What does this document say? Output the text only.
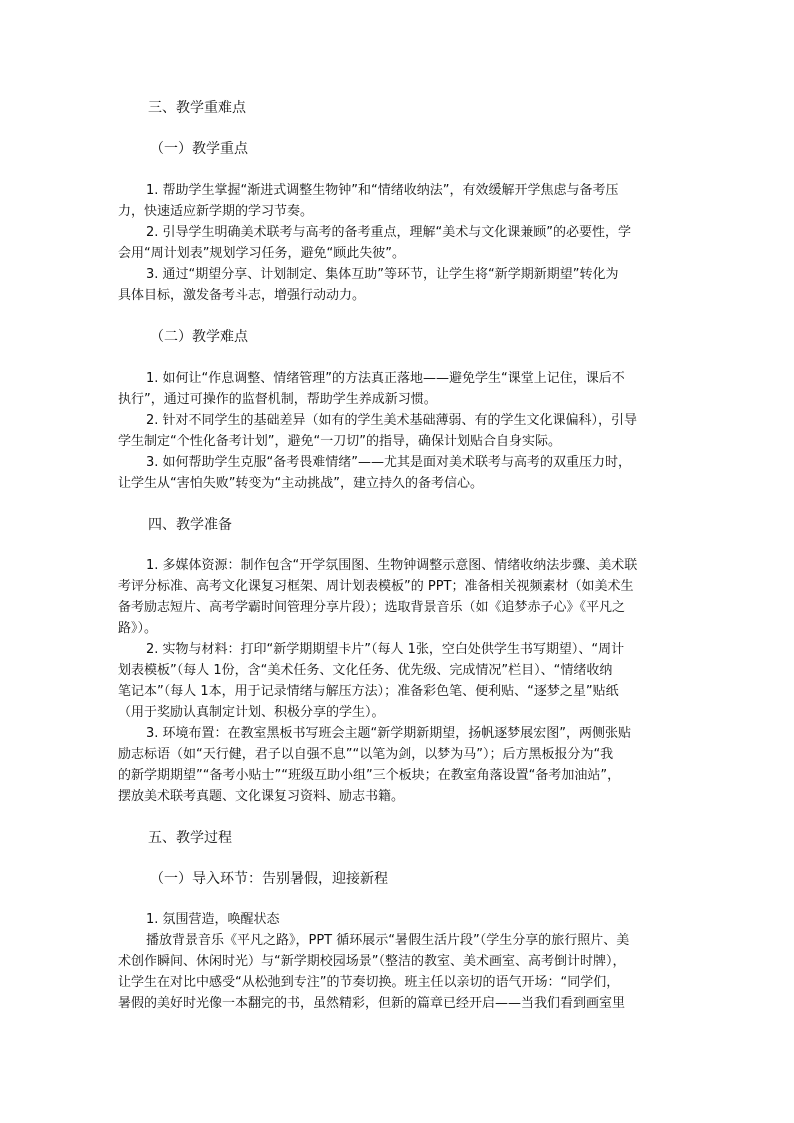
三、教学重难点
（一）教学重点
1. 帮助学生掌握“渐进式调整生物钟”和“情绪收纳法”，有效缓解开学焦虑与备考压
力，快速适应新学期的学习节奏。
2. 引导学生明确美术联考与高考的备考重点，理解“美术与文化课兼顾”的必要性，学
会用“周计划表”规划学习任务，避免“顾此失彼”。
3. 通过“期望分享、计划制定、集体互助”等环节，让学生将“新学期新期望”转化为
具体目标，激发备考斗志，增强行动动力。
（二）教学难点
1. 如何让“作息调整、情绪管理”的方法真正落地——避免学生“课堂上记住，课后不
执行”，通过可操作的监督机制，帮助学生养成新习惯。
2. 针对不同学生的基础差异（如有的学生美术基础薄弱、有的学生文化课偏科），引导
学生制定“个性化备考计划”，避免“一刀切”的指导，确保计划贴合自身实际。
3. 如何帮助学生克服“备考畏难情绪”——尤其是面对美术联考与高考的双重压力时，
让学生从“害怕失败”转变为“主动挑战”，建立持久的备考信心。
四、教学准备
1. 多媒体资源：制作包含“开学氛围图、生物钟调整示意图、情绪收纳法步骤、美术联
考评分标准、高考文化课复习框架、周计划表模板”的 PPT；准备相关视频素材（如美术生
备考励志短片、高考学霸时间管理分享片段）；选取背景音乐（如《追梦赤子心》《平凡之
路》）。
2. 实物与材料：打印“新学期期望卡片”（每人 1张，空白处供学生书写期望）、“周计
划表模板”（每人 1份，含“美术任务、文化任务、优先级、完成情况”栏目）、“情绪收纳
笔记本”（每人 1本，用于记录情绪与解压方法）；准备彩色笔、便利贴、“逐梦之星”贴纸
（用于奖励认真制定计划、积极分享的学生）。
3. 环境布置：在教室黑板书写班会主题“新学期新期望，扬帆逐梦展宏图”，两侧张贴
励志标语（如“天行健，君子以自强不息”“以笔为剑，以梦为马”）；后方黑板报分为“我
的新学期期望”“备考小贴士”“班级互助小组”三个板块；在教室角落设置“备考加油站”，
摆放美术联考真题、文化课复习资料、励志书籍。
五、教学过程
（一）导入环节：告别暑假，迎接新程
1. 氛围营造，唤醒状态
播放背景音乐《平凡之路》，PPT 循环展示“暑假生活片段”（学生分享的旅行照片、美
术创作瞬间、休闲时光）与“新学期校园场景”（整洁的教室、美术画室、高考倒计时牌），
让学生在对比中感受“从松弛到专注”的节奏切换。班主任以亲切的语气开场：“同学们，
暑假的美好时光像一本翻完的书，虽然精彩，但新的篇章已经开启——当我们看到画室里
